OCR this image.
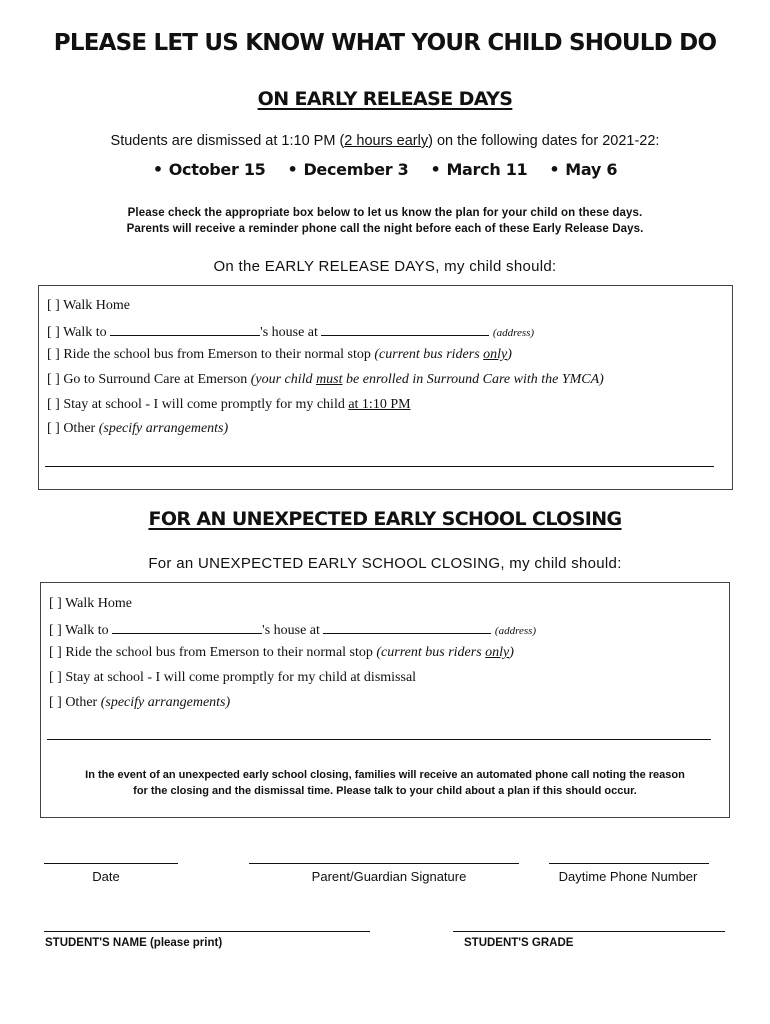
PLEASE LET US KNOW WHAT YOUR CHILD SHOULD DO
ON EARLY RELEASE DAYS
Students are dismissed at 1:10 PM (2 hours early) on the following dates for 2021-22:
• October 15	• December 3	• March 11	• May 6
Please check the appropriate box below to let us know the plan for your child on these days.
Parents will receive a reminder phone call the night before each of these Early Release Days.
On the EARLY RELEASE DAYS, my child should:
[ ] Walk Home
[ ] Walk to	's house at	(address)
[ ] Ride the school bus from Emerson to their normal stop (current bus riders only)
[ ] Go to Surround Care at Emerson (your child must be enrolled in Surround Care with the YMCA)
[ ] Stay at school - I will come promptly for my child at 1:10 PM
[ ] Other (specify arrangements)
FOR AN UNEXPECTED EARLY SCHOOL CLOSING
For an UNEXPECTED EARLY SCHOOL CLOSING, my child should:
[ ] Walk Home
[ ] Walk to	's house at	(address)
[ ] Ride the school bus from Emerson to their normal stop (current bus riders only)
[ ] Stay at school - I will come promptly for my child at dismissal
[ ] Other (specify arrangements)
In the event of an unexpected early school closing, families will receive an automated phone call noting the reason
for the closing and the dismissal time. Please talk to your child about a plan if this should occur.
Date	Parent/Guardian Signature	Daytime Phone Number
STUDENT'S NAME (please print)	STUDENT'S GRADE
